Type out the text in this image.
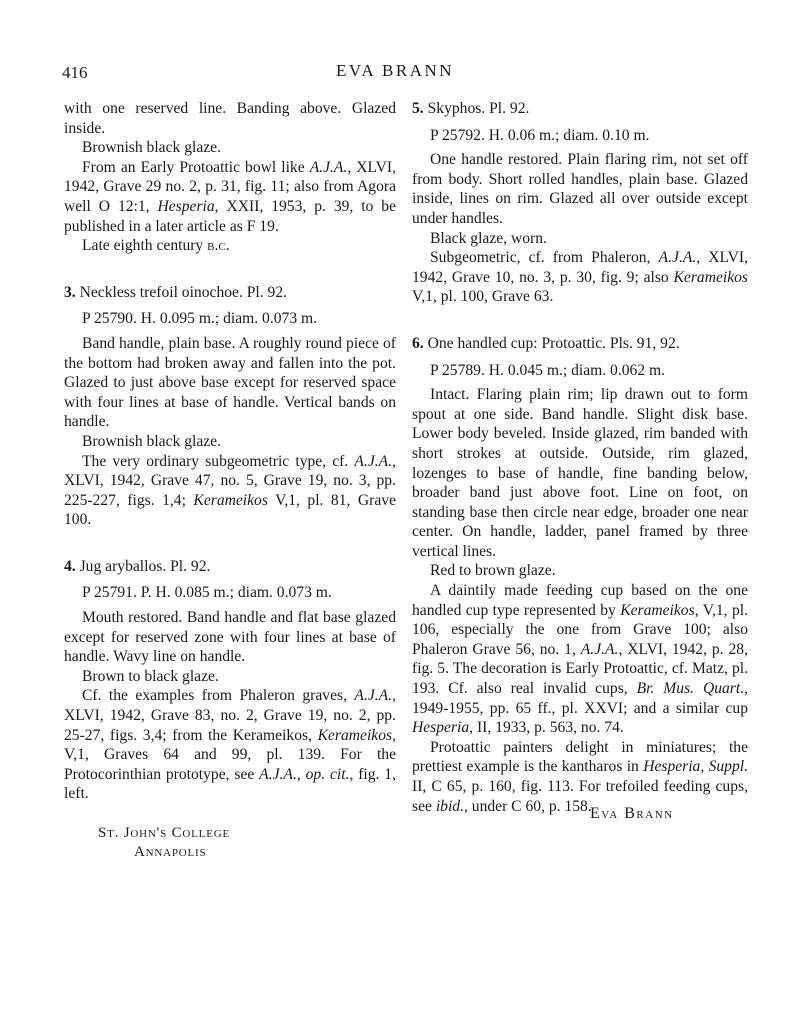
416	EVA BRANN

with one reserved line. Banding above. Glazed inside.

Brownish black glaze.

From an Early Protoattic bowl like A.J.A., XLVI, 1942, Grave 29 no. 2, p. 31, fig. 11; also from Agora well O 12:1, Hesperia, XXII, 1953, p. 39, to be published in a later article as F 19.

Late eighth century b.c.

3. Neckless trefoil oinochoe. Pl. 92.

P 25790. H. 0.095 m.; diam. 0.073 m.

Band handle, plain base. A roughly round piece of the bottom had broken away and fallen into the pot. Glazed to just above base except for reserved space with four lines at base of handle. Vertical bands on handle.

Brownish black glaze.

The very ordinary subgeometric type, cf. A.J.A., XLVI, 1942, Grave 47, no. 5, Grave 19, no. 3, pp. 225-227, figs. 1,4; Kerameikos V,1, pl. 81, Grave 100.

4. Jug aryballos. Pl. 92.

P 25791. P. H. 0.085 m.; diam. 0.073 m.

Mouth restored. Band handle and flat base glazed except for reserved zone with four lines at base of handle. Wavy line on handle.

Brown to black glaze.

Cf. the examples from Phaleron graves, A.J.A., XLVI, 1942, Grave 83, no. 2, Grave 19, no. 2, pp. 25-27, figs. 3,4; from the Kerameikos, Kerameikos, V,1, Graves 64 and 99, pl. 139. For the Protocorinthian prototype, see A.J.A., op. cit., fig. 1, left.

5. Skyphos. Pl. 92.

P 25792. H. 0.06 m.; diam. 0.10 m.

One handle restored. Plain flaring rim, not set off from body. Short rolled handles, plain base. Glazed inside, lines on rim. Glazed all over outside except under handles.

Black glaze, worn.

Subgeometric, cf. from Phaleron, A.J.A., XLVI, 1942, Grave 10, no. 3, p. 30, fig. 9; also Kerameikos V,1, pl. 100, Grave 63.

6. One handled cup: Protoattic. Pls. 91, 92.

P 25789. H. 0.045 m.; diam. 0.062 m.

Intact. Flaring plain rim; lip drawn out to form spout at one side. Band handle. Slight disk base. Lower body beveled. Inside glazed, rim banded with short strokes at outside. Outside, rim glazed, lozenges to base of handle, fine banding below, broader band just above foot. Line on foot, on standing base then circle near edge, broader one near center. On handle, ladder, panel framed by three vertical lines.

Red to brown glaze.

A daintily made feeding cup based on the one handled cup type represented by Kerameikos, V,1, pl. 106, especially the one from Grave 100; also Phaleron Grave 56, no. 1, A.J.A., XLVI, 1942, p. 28, fig. 5. The decoration is Early Protoattic, cf. Matz, pl. 193. Cf. also real invalid cups, Br. Mus. Quart., 1949-1955, pp. 65 ff., pl. XXVI; and a similar cup Hesperia, II, 1933, p. 563, no. 74.

Protoattic painters delight in miniatures; the prettiest example is the kantharos in Hesperia, Suppl. II, C 65, p. 160, fig. 113. For trefoiled feeding cups, see ibid., under C 60, p. 158.

Eva Brann
St. John's College
Annapolis
